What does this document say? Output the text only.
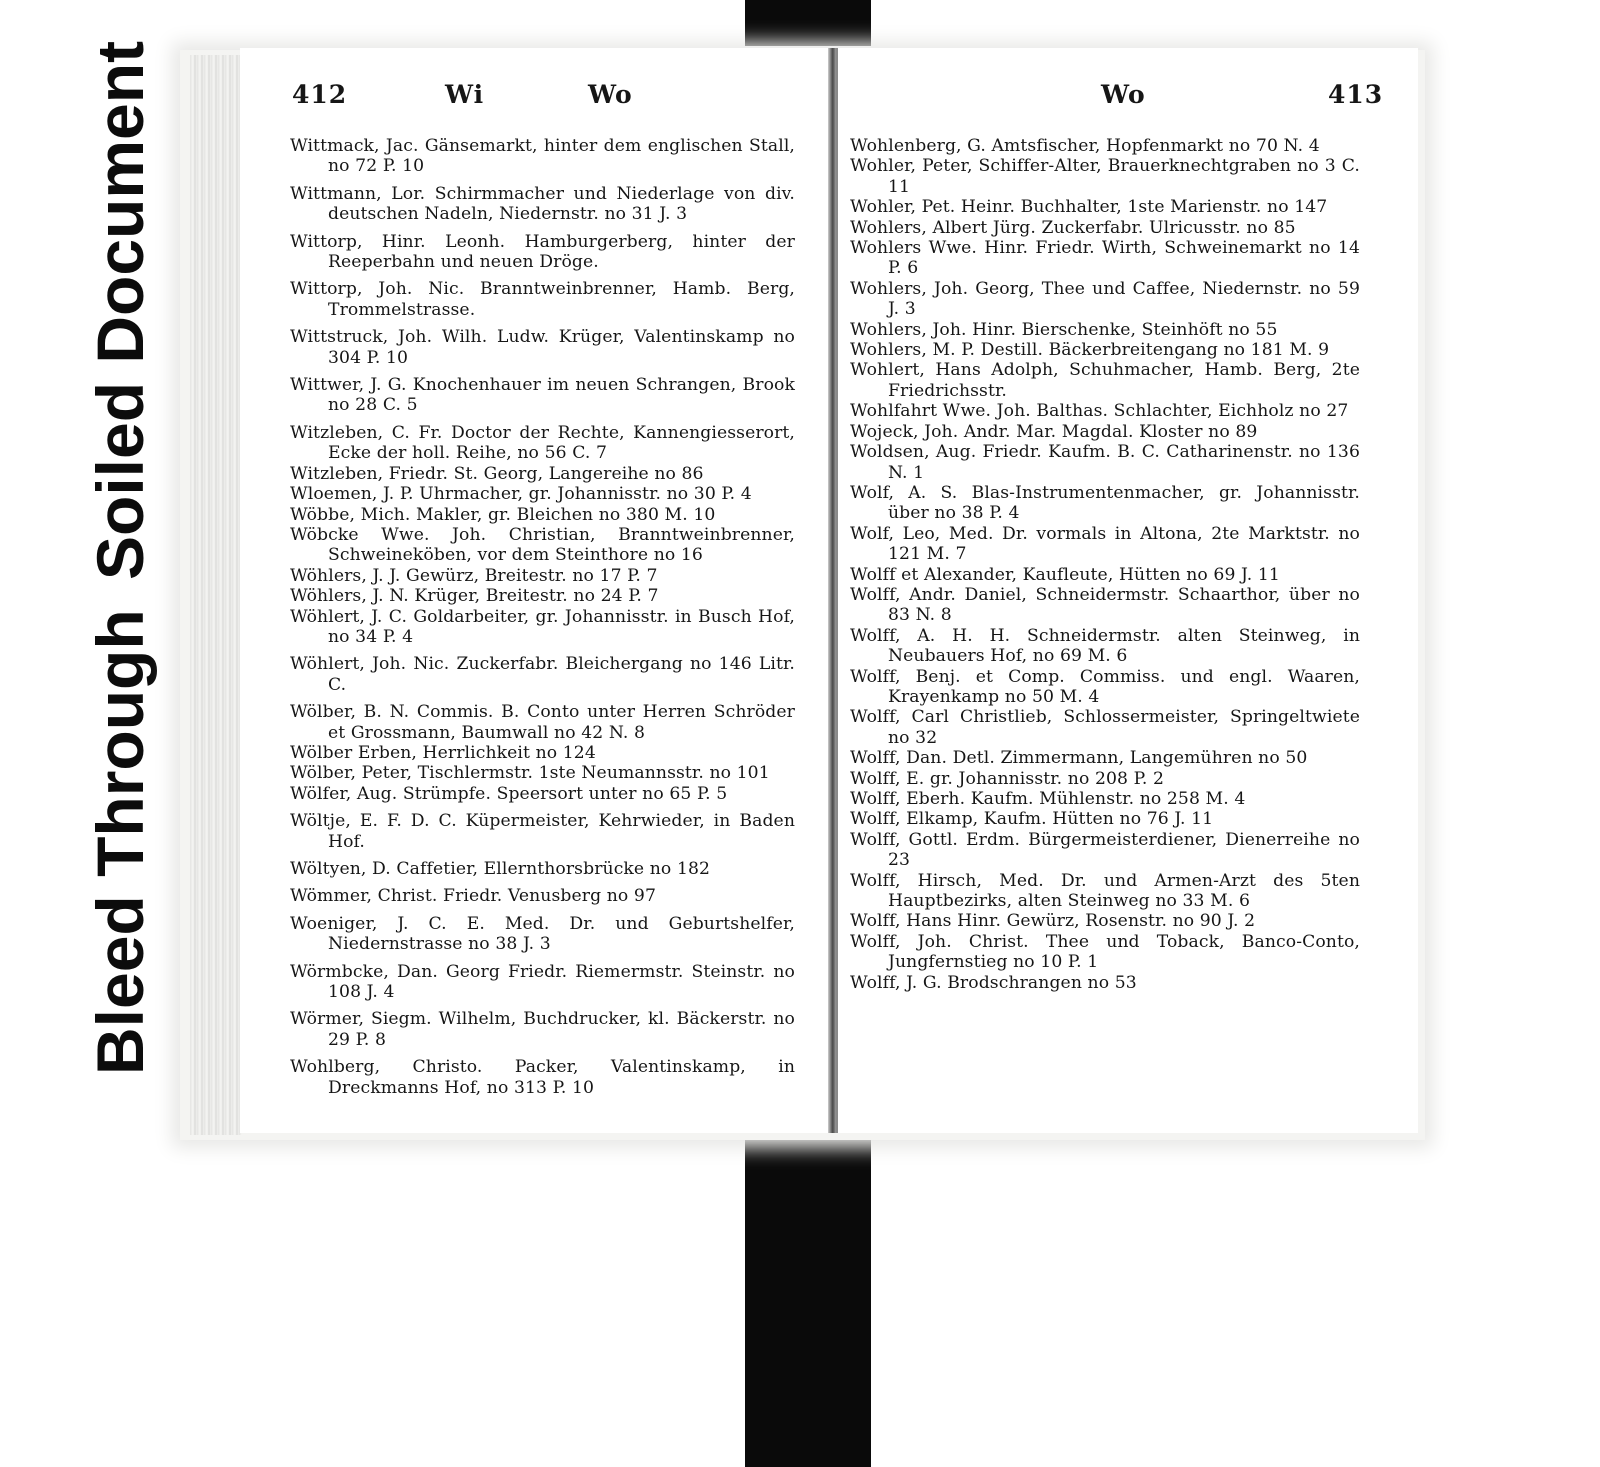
Soiled Document
Bleed Through
412	Wi	Wo

Wittmack, Jac. Gänsemarkt, hinter dem englischen Stall, no 72 P. 10

Wittmann, Lor. Schirmmacher und Niederlage von div. deutschen Nadeln, Niedernstr. no 31 J. 3

Wittorp, Hinr. Leonh. Hamburgerberg, hinter der Reeperbahn und neuen Dröge.

Wittorp, Joh. Nic. Branntweinbrenner, Hamb. Berg, Trommelstrasse.

Wittstruck, Joh. Wilh. Ludw. Krüger, Valentinskamp no 304 P. 10

Wittwer, J. G. Knochenhauer im neuen Schrangen, Brook no 28 C. 5

Witzleben, C. Fr. Doctor der Rechte, Kannengiesserort, Ecke der holl. Reihe, no 56 C. 7

Witzleben, Friedr. St. Georg, Langereihe no 86

Wloemen, J. P. Uhrmacher, gr. Johannisstr. no 30 P. 4

Wöbbe, Mich. Makler, gr. Bleichen no 380 M. 10

Wöbcke Wwe. Joh. Christian, Branntweinbrenner, Schweineköben, vor dem Steinthore no 16

Wöhlers, J. J. Gewürz, Breitestr. no 17 P. 7

Wöhlers, J. N. Krüger, Breitestr. no 24 P. 7

Wöhlert, J. C. Goldarbeiter, gr. Johannisstr. in Busch Hof, no 34 P. 4

Wöhlert, Joh. Nic. Zuckerfabr. Bleichergang no 146 Litr. C.

Wölber, B. N. Commis. B. Conto unter Herren Schröder et Grossmann, Baumwall no 42 N. 8

Wölber Erben, Herrlichkeit no 124

Wölber, Peter, Tischlermstr. 1ste Neumannsstr. no 101

Wölfer, Aug. Strümpfe. Speersort unter no 65 P. 5

Wöltje, E. F. D. C. Küpermeister, Kehrwieder, in Baden Hof.

Wöltyen, D. Caffetier, Ellernthorsbrücke no 182

Wömmer, Christ. Friedr. Venusberg no 97

Woeniger, J. C. E. Med. Dr. und Geburtshelfer, Niedernstrasse no 38 J. 3

Wörmbcke, Dan. Georg Friedr. Riemermstr. Steinstr. no 108 J. 4

Wörmer, Siegm. Wilhelm, Buchdrucker, kl. Bäckerstr. no 29 P. 8

Wohlberg, Christo. Packer, Valentinskamp, in Dreckmanns Hof, no 313 P. 10

Wo	413

Wohlenberg, G. Amtsfischer, Hopfenmarkt no 70 N. 4

Wohler, Peter, Schiffer-Alter, Brauerknechtgraben no 3 C. 11

Wohler, Pet. Heinr. Buchhalter, 1ste Marienstr. no 147

Wohlers, Albert Jürg. Zuckerfabr. Ulricusstr. no 85

Wohlers Wwe. Hinr. Friedr. Wirth, Schweinemarkt no 14 P. 6

Wohlers, Joh. Georg, Thee und Caffee, Niedernstr. no 59 J. 3

Wohlers, Joh. Hinr. Bierschenke, Steinhöft no 55

Wohlers, M. P. Destill. Bäckerbreitengang no 181 M. 9

Wohlert, Hans Adolph, Schuhmacher, Hamb. Berg, 2te Friedrichsstr.

Wohlfahrt Wwe. Joh. Balthas. Schlachter, Eichholz no 27

Wojeck, Joh. Andr. Mar. Magdal. Kloster no 89

Woldsen, Aug. Friedr. Kaufm. B. C. Catharinenstr. no 136 N. 1

Wolf, A. S. Blas-Instrumentenmacher, gr. Johannisstr. über no 38 P. 4

Wolf, Leo, Med. Dr. vormals in Altona, 2te Marktstr. no 121 M. 7

Wolff et Alexander, Kaufleute, Hütten no 69 J. 11

Wolff, Andr. Daniel, Schneidermstr. Schaarthor, über no 83 N. 8

Wolff, A. H. H. Schneidermstr. alten Steinweg, in Neubauers Hof, no 69 M. 6

Wolff, Benj. et Comp. Commiss. und engl. Waaren, Krayenkamp no 50 M. 4

Wolff, Carl Christlieb, Schlossermeister, Springeltwiete no 32

Wolff, Dan. Detl. Zimmermann, Langemühren no 50

Wolff, E. gr. Johannisstr. no 208 P. 2

Wolff, Eberh. Kaufm. Mühlenstr. no 258 M. 4

Wolff, Elkamp, Kaufm. Hütten no 76 J. 11

Wolff, Gottl. Erdm. Bürgermeisterdiener, Dienerreihe no 23

Wolff, Hirsch, Med. Dr. und Armen-Arzt des 5ten Hauptbezirks, alten Steinweg no 33 M. 6

Wolff, Hans Hinr. Gewürz, Rosenstr. no 90 J. 2

Wolff, Joh. Christ. Thee und Toback, Banco-Conto, Jungfernstieg no 10 P. 1

Wolff, J. G. Brodschrangen no 53
